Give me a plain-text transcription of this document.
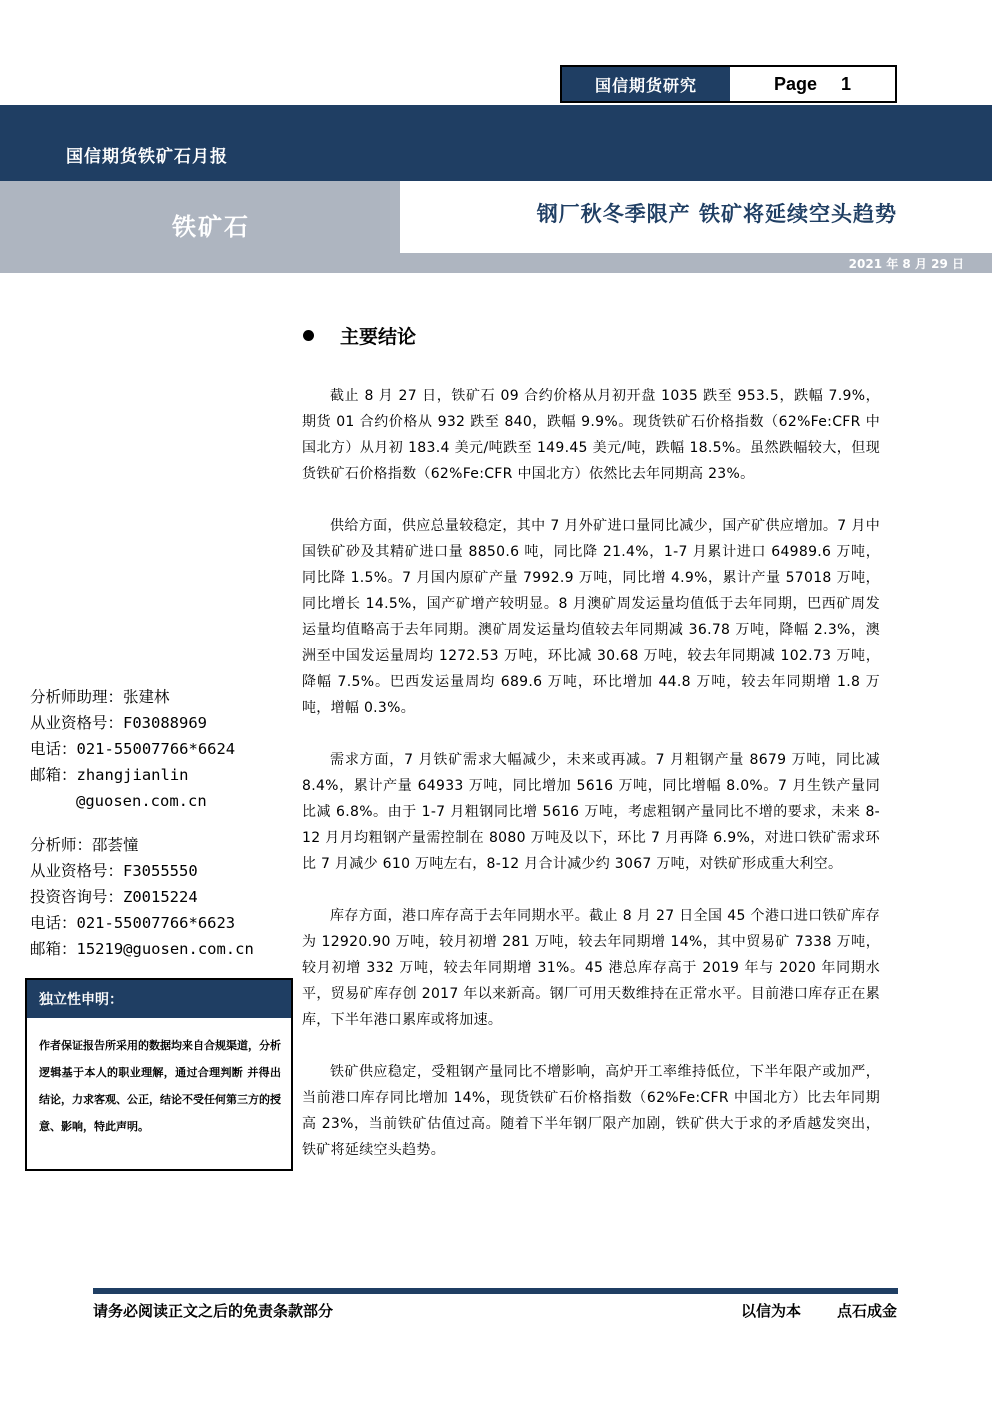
国信期货研究	Page 1
国信期货铁矿石月报
铁矿石	钢厂秋冬季限产 铁矿将延续空头趋势
2021 年 8 月 29 日
主要结论

截止 8 月 27 日，铁矿石 09 合约价格从月初开盘 1035 跌至 953.5，跌幅 7.9%，期货 01 合约价格从 932 跌至 840，跌幅 9.9%。现货铁矿石价格指数（62%Fe:CFR 中国北方）从月初 183.4 美元/吨跌至 149.45 美元/吨，跌幅 18.5%。虽然跌幅较大，但现货铁矿石价格指数（62%Fe:CFR 中国北方）依然比去年同期高 23%。

供给方面，供应总量较稳定，其中 7 月外矿进口量同比减少，国产矿供应增加。7 月中国铁矿砂及其精矿进口量 8850.6 吨，同比降 21.4%，1-7 月累计进口 64989.6 万吨，同比降 1.5%。7 月国内原矿产量 7992.9 万吨，同比增 4.9%，累计产量 57018 万吨，同比增长 14.5%，国产矿增产较明显。8 月澳矿周发运量均值低于去年同期，巴西矿周发运量均值略高于去年同期。澳矿周发运量均值较去年同期减 36.78 万吨，降幅 2.3%，澳洲至中国发运量周均 1272.53 万吨，环比减 30.68 万吨，较去年同期减 102.73 万吨，降幅 7.5%。巴西发运量周均 689.6 万吨，环比增加 44.8 万吨，较去年同期增 1.8 万吨，增幅 0.3%。

需求方面，7 月铁矿需求大幅减少，未来或再减。7 月粗钢产量 8679 万吨，同比减 8.4%，累计产量 64933 万吨，同比增加 5616 万吨，同比增幅 8.0%。7 月生铁产量同比减 6.8%。由于 1-7 月粗钢同比增 5616 万吨，考虑粗钢产量同比不增的要求，未来 8-12 月月均粗钢产量需控制在 8080 万吨及以下，环比 7 月再降 6.9%，对进口铁矿需求环比 7 月减少 610 万吨左右，8-12 月合计减少约 3067 万吨，对铁矿形成重大利空。

库存方面，港口库存高于去年同期水平。截止 8 月 27 日全国 45 个港口进口铁矿库存为 12920.90 万吨，较月初增 281 万吨，较去年同期增 14%，其中贸易矿 7338 万吨，较月初增 332 万吨，较去年同期增 31%。45 港总库存高于 2019 年与 2020 年同期水平，贸易矿库存创 2017 年以来新高。钢厂可用天数维持在正常水平。目前港口库存正在累库，下半年港口累库或将加速。

铁矿供应稳定，受粗钢产量同比不增影响，高炉开工率维持低位，下半年限产或加严，当前港口库存同比增加 14%，现货铁矿石价格指数（62%Fe:CFR 中国北方）比去年同期高 23%，当前铁矿估值过高。随着下半年钢厂限产加剧，铁矿供大于求的矛盾越发突出，铁矿将延续空头趋势。

分析师助理：张建林
从业资格号：F03088969
电话：021-55007766*6624
邮箱：zhangjianlin
@guosen.com.cn
分析师：邵荟憧
从业资格号：F3055550
投资咨询号：Z0015224
电话：021-55007766*6623
邮箱：15219@guosen.com.cn
独立性申明：
作者保证报告所采用的数据均来自合规渠道，分析逻辑基于本人的职业理解，通过合理判断 并得出结论，力求客观、公正，结论不受任何第三方的授意、影响，特此声明。
请务必阅读正文之后的免责条款部分	以信为本 点石成金
